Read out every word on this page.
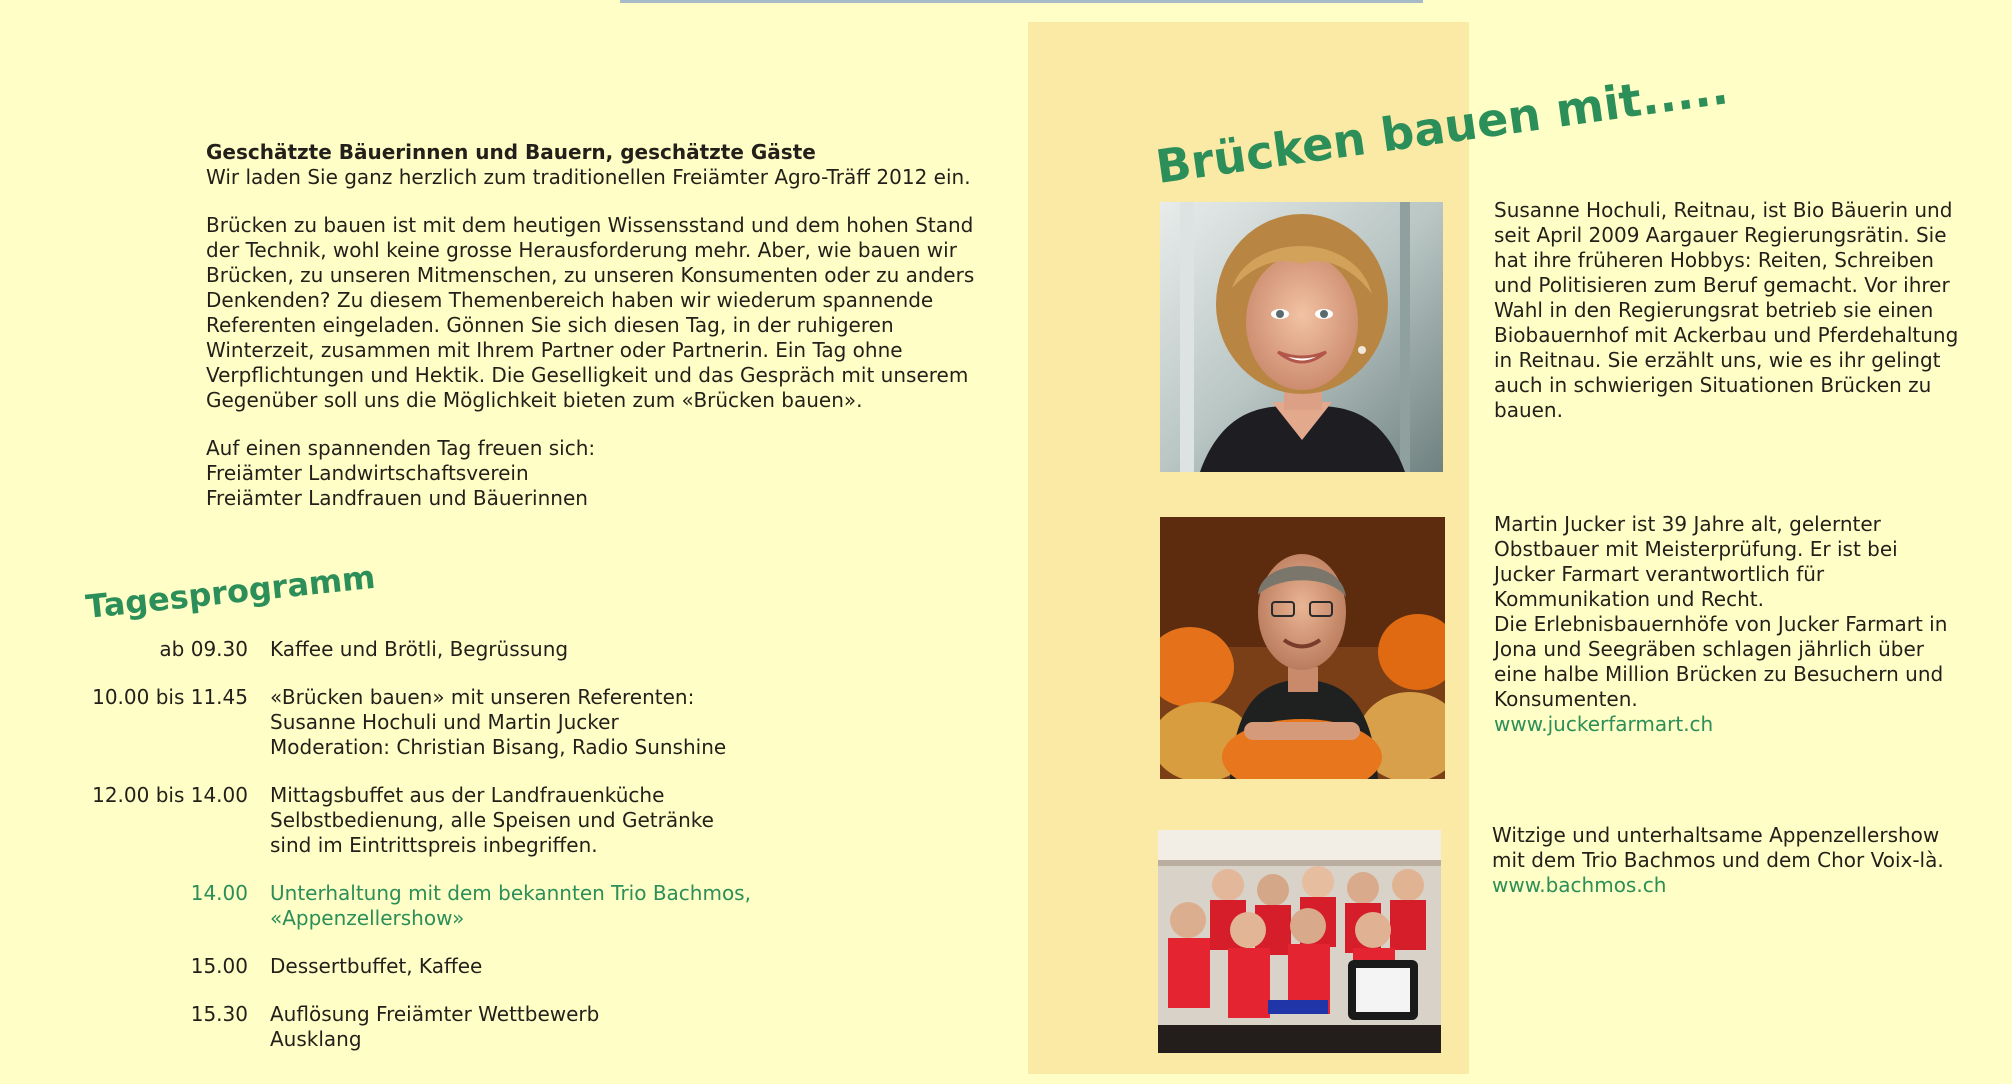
Geschätzte Bäuerinnen und Bauern, geschätzte Gäste

Wir laden Sie ganz herzlich zum traditionellen Freiämter Agro-Träff 2012 ein.

Brücken zu bauen ist mit dem heutigen Wissensstand und dem hohen Stand der Technik, wohl keine grosse Herausforderung mehr. Aber, wie bauen wir Brücken, zu unseren Mitmenschen, zu unseren Konsumenten oder zu anders Denkenden? Zu diesem Themenbereich haben wir wiederum spannende Referenten eingeladen. Gönnen Sie sich diesen Tag, in der ruhigeren Winterzeit, zusammen mit Ihrem Partner oder Partnerin. Ein Tag ohne Verpflichtungen und Hektik. Die Geselligkeit und das Gespräch mit unserem Gegenüber soll uns die Möglichkeit bieten zum «Brücken bauen».

Auf einen spannenden Tag freuen sich:
Freiämter Landwirtschaftsverein
Freiämter Landfrauen und Bäuerinnen
Tagesprogramm
ab 09.30	Kaffee und Brötli, Begrüssung
10.00 bis 11.45	«Brücken bauen» mit unseren Referenten:
Susanne Hochuli und Martin Jucker
Moderation: Christian Bisang, Radio Sunshine
12.00 bis 14.00	Mittagsbuffet aus der Landfrauenküche
Selbstbedienung, alle Speisen und Getränke
sind im Eintrittspreis inbegriffen.
14.00	Unterhaltung mit dem bekannten Trio Bachmos,
«Appenzellershow»
15.00	Dessertbuffet, Kaffee
15.30	Auflösung Freiämter Wettbewerb
Ausklang
Brücken bauen mit.....

Susanne Hochuli, Reitnau, ist Bio Bäuerin und seit April 2009 Aargauer Regierungsrätin. Sie hat ihre früheren Hobbys: Reiten, Schreiben und Politisieren zum Beruf gemacht. Vor ihrer Wahl in den Regierungsrat betrieb sie einen Biobauernhof mit Ackerbau und Pferdehaltung in Reitnau. Sie erzählt uns, wie es ihr gelingt auch in schwierigen Situationen Brücken zu bauen.

Martin Jucker ist 39 Jahre alt, gelernter Obstbauer mit Meisterprüfung. Er ist bei Jucker Farmart verantwortlich für Kommunikation und Recht.
Die Erlebnisbauernhöfe von Jucker Farmart in Jona und Seegräben schlagen jährlich über eine halbe Million Brücken zu Besuchern und Konsumenten.
www.juckerfarmart.ch
Witzige und unterhaltsame Appenzellershow mit dem Trio Bachmos und dem Chor Voix-là.
www.bachmos.ch
